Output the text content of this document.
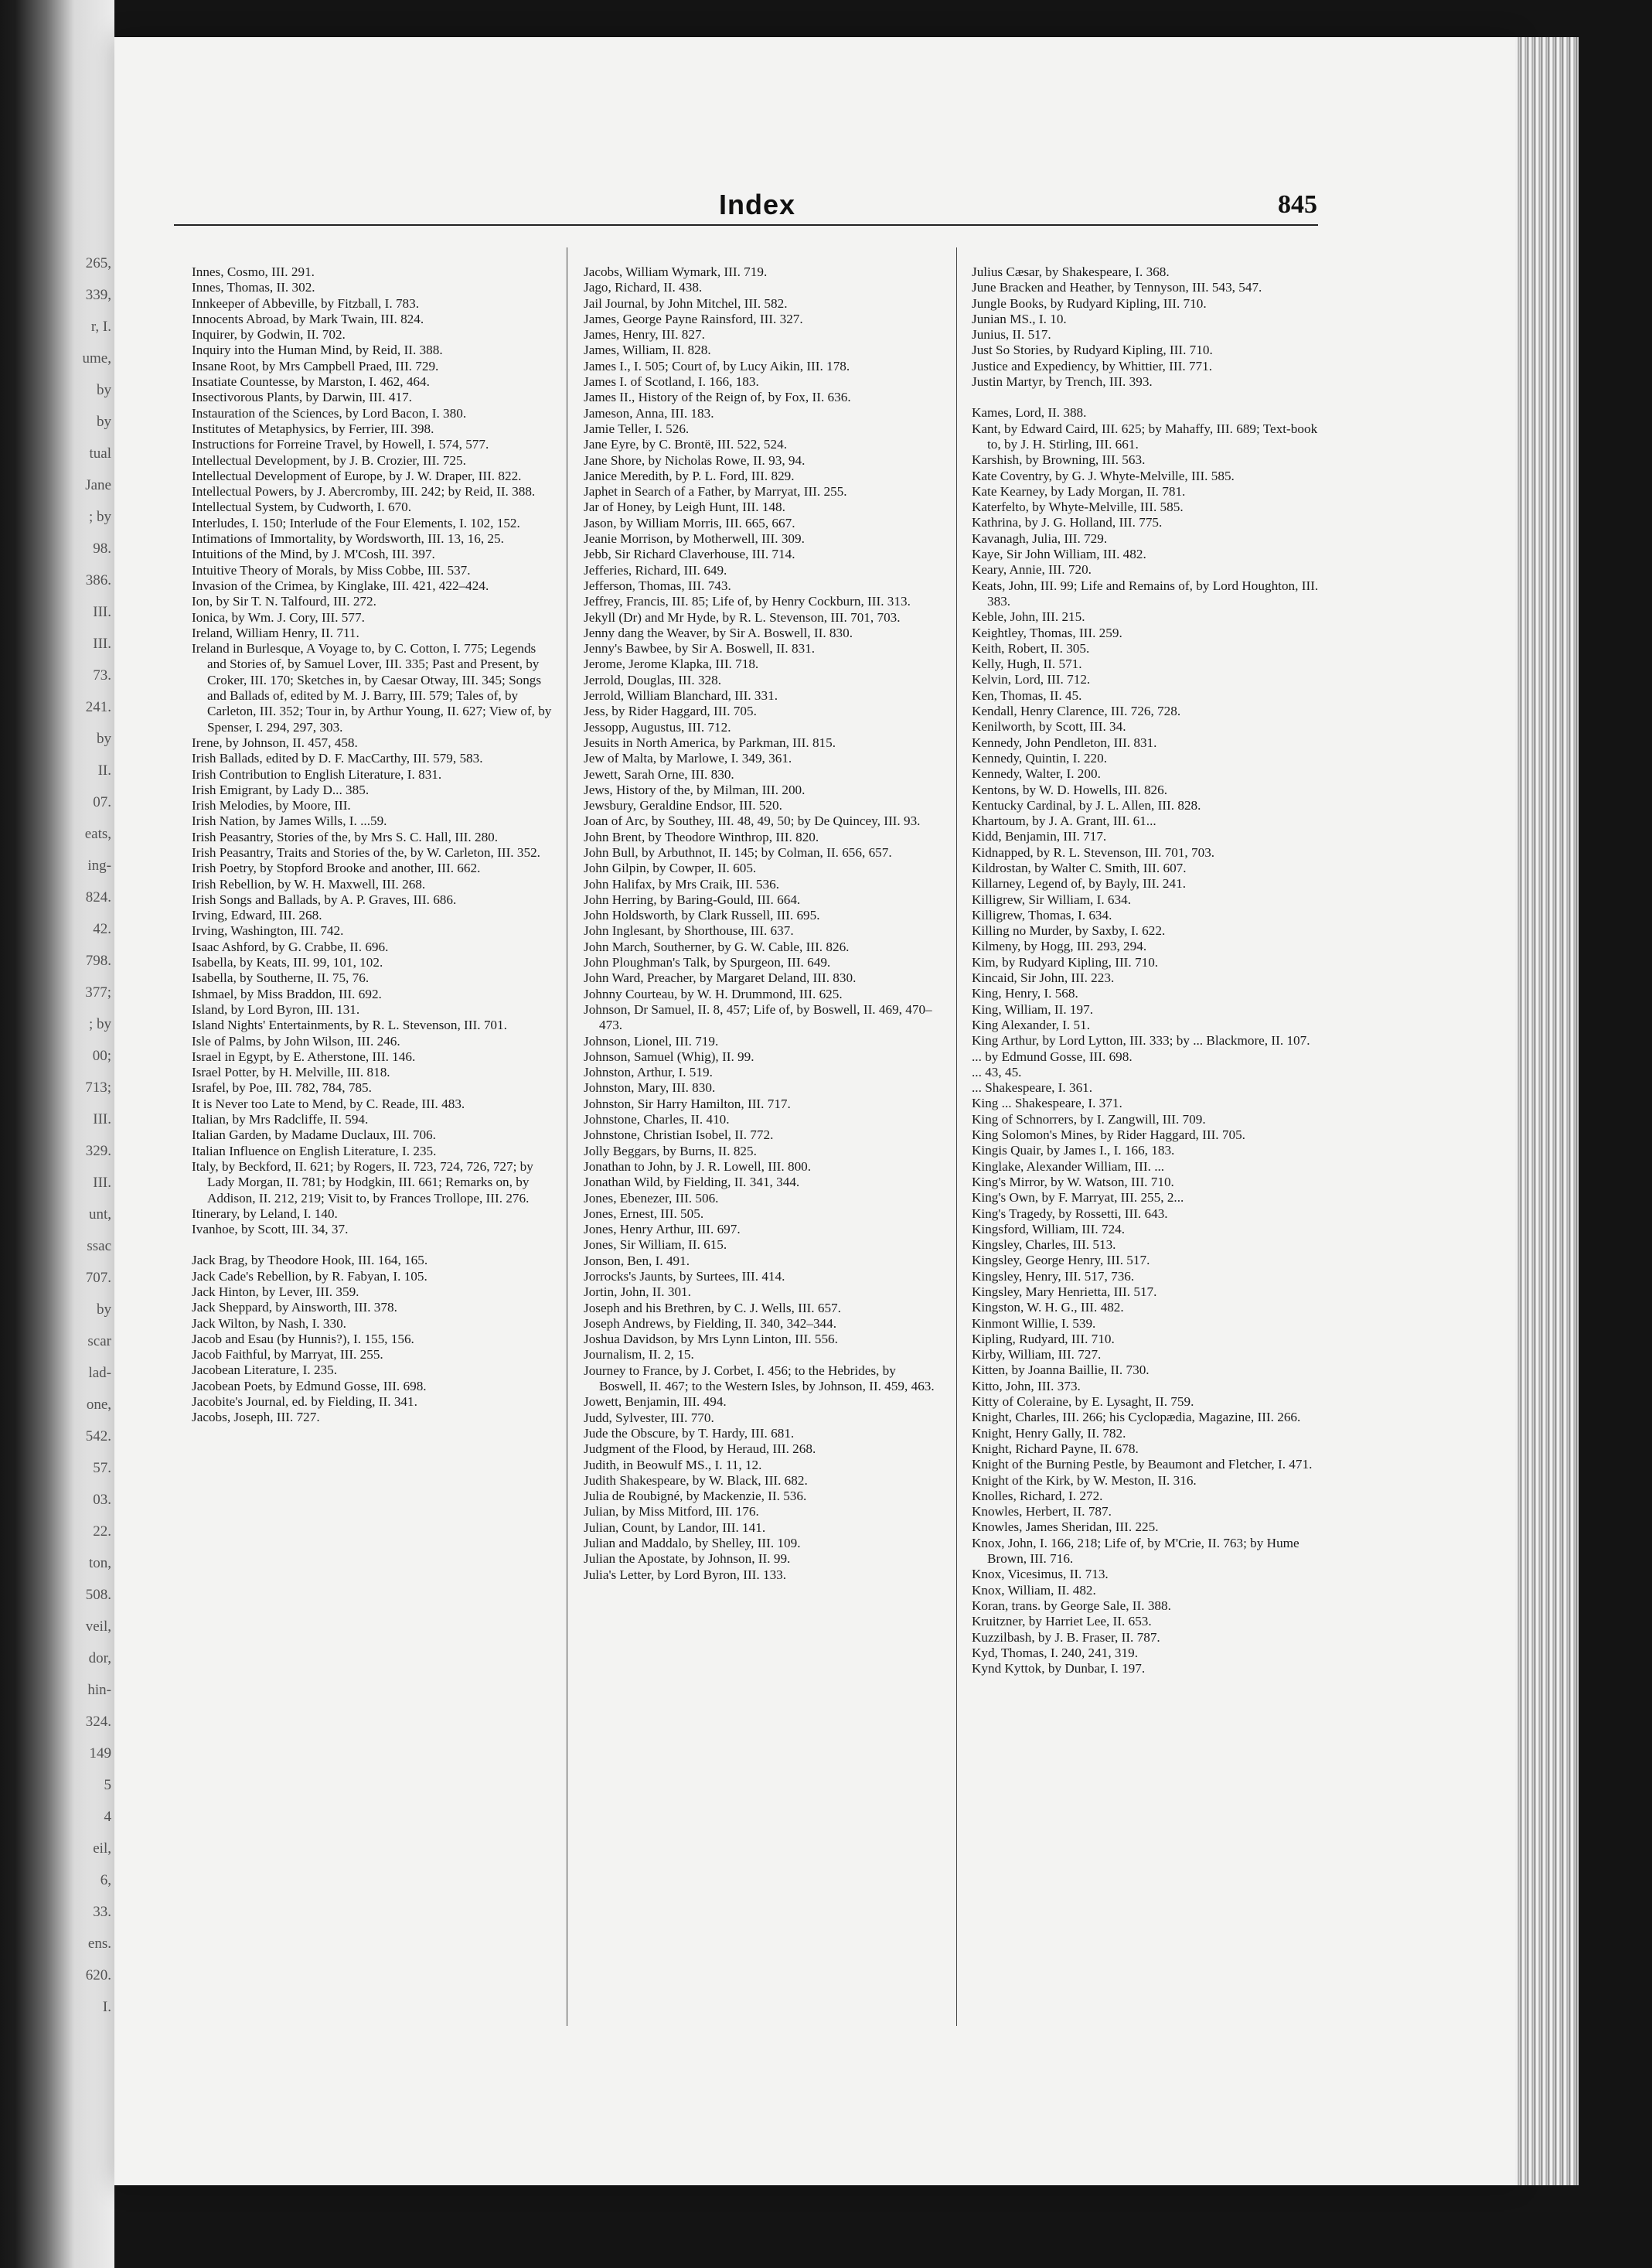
265,
339,
r, I.
ume,
by
by
tual
Jane
; by
98.
386.
III.
III.
73.
241.
by
II.
07.
eats,
ing-
824.
42.
798.
377;
; by
00;
713;
III.
329.
III.
unt,
ssac
707.
by
scar
lad-
one,
542.
57.
03.
22.
ton,
508.
veil,
dor,
hin-
324.
149
5
4
eil,
6,
33.
ens.
620.
I.
Index	845

Innes, Cosmo, III. 291.

Innes, Thomas, II. 302.

Innkeeper of Abbeville, by Fitzball, I. 783.

Innocents Abroad, by Mark Twain, III. 824.

Inquirer, by Godwin, II. 702.

Inquiry into the Human Mind, by Reid, II. 388.

Insane Root, by Mrs Campbell Praed, III. 729.

Insatiate Countesse, by Marston, I. 462, 464.

Insectivorous Plants, by Darwin, III. 417.

Instauration of the Sciences, by Lord Bacon, I. 380.

Institutes of Metaphysics, by Ferrier, III. 398.

Instructions for Forreine Travel, by Howell, I. 574, 577.

Intellectual Development, by J. B. Crozier, III. 725.

Intellectual Development of Europe, by J. W. Draper, III. 822.

Intellectual Powers, by J. Abercromby, III. 242; by Reid, II. 388.

Intellectual System, by Cudworth, I. 670.

Interludes, I. 150; Interlude of the Four Elements, I. 102, 152.

Intimations of Immortality, by Wordsworth, III. 13, 16, 25.

Intuitions of the Mind, by J. M'Cosh, III. 397.

Intuitive Theory of Morals, by Miss Cobbe, III. 537.

Invasion of the Crimea, by Kinglake, III. 421, 422–424.

Ion, by Sir T. N. Talfourd, III. 272.

Ionica, by Wm. J. Cory, III. 577.

Ireland, William Henry, II. 711.

Ireland in Burlesque, A Voyage to, by C. Cotton, I. 775; Legends and Stories of, by Samuel Lover, III. 335; Past and Present, by Croker, III. 170; Sketches in, by Caesar Otway, III. 345; Songs and Ballads of, edited by M. J. Barry, III. 579; Tales of, by Carleton, III. 352; Tour in, by Arthur Young, II. 627; View of, by Spenser, I. 294, 297, 303.

Irene, by Johnson, II. 457, 458.

Irish Ballads, edited by D. F. MacCarthy, III. 579, 583.

Irish Contribution to English Literature, I. 831.

Irish Emigrant, by Lady D... 385.

Irish Melodies, by Moore, III.

Irish Nation, by James Wills, I. ...59.

Irish Peasantry, Stories of the, by Mrs S. C. Hall, III. 280.

Irish Peasantry, Traits and Stories of the, by W. Carleton, III. 352.

Irish Poetry, by Stopford Brooke and another, III. 662.

Irish Rebellion, by W. H. Maxwell, III. 268.

Irish Songs and Ballads, by A. P. Graves, III. 686.

Irving, Edward, III. 268.

Irving, Washington, III. 742.

Isaac Ashford, by G. Crabbe, II. 696.

Isabella, by Keats, III. 99, 101, 102.

Isabella, by Southerne, II. 75, 76.

Ishmael, by Miss Braddon, III. 692.

Island, by Lord Byron, III. 131.

Island Nights' Entertainments, by R. L. Stevenson, III. 701.

Isle of Palms, by John Wilson, III. 246.

Israel in Egypt, by E. Atherstone, III. 146.

Israel Potter, by H. Melville, III. 818.

Israfel, by Poe, III. 782, 784, 785.

It is Never too Late to Mend, by C. Reade, III. 483.

Italian, by Mrs Radcliffe, II. 594.

Italian Garden, by Madame Duclaux, III. 706.

Italian Influence on English Literature, I. 235.

Italy, by Beckford, II. 621; by Rogers, II. 723, 724, 726, 727; by Lady Morgan, II. 781; by Hodgkin, III. 661; Remarks on, by Addison, II. 212, 219; Visit to, by Frances Trollope, III. 276.

Itinerary, by Leland, I. 140.

Ivanhoe, by Scott, III. 34, 37.

Jack Brag, by Theodore Hook, III. 164, 165.

Jack Cade's Rebellion, by R. Fabyan, I. 105.

Jack Hinton, by Lever, III. 359.

Jack Sheppard, by Ainsworth, III. 378.

Jack Wilton, by Nash, I. 330.

Jacob and Esau (by Hunnis?), I. 155, 156.

Jacob Faithful, by Marryat, III. 255.

Jacobean Literature, I. 235.

Jacobean Poets, by Edmund Gosse, III. 698.

Jacobite's Journal, ed. by Fielding, II. 341.

Jacobs, Joseph, III. 727.

Jacobs, William Wymark, III. 719.

Jago, Richard, II. 438.

Jail Journal, by John Mitchel, III. 582.

James, George Payne Rainsford, III. 327.

James, Henry, III. 827.

James, William, II. 828.

James I., I. 505; Court of, by Lucy Aikin, III. 178.

James I. of Scotland, I. 166, 183.

James II., History of the Reign of, by Fox, II. 636.

Jameson, Anna, III. 183.

Jamie Teller, I. 526.

Jane Eyre, by C. Brontë, III. 522, 524.

Jane Shore, by Nicholas Rowe, II. 93, 94.

Janice Meredith, by P. L. Ford, III. 829.

Japhet in Search of a Father, by Marryat, III. 255.

Jar of Honey, by Leigh Hunt, III. 148.

Jason, by William Morris, III. 665, 667.

Jeanie Morrison, by Motherwell, III. 309.

Jebb, Sir Richard Claverhouse, III. 714.

Jefferies, Richard, III. 649.

Jefferson, Thomas, III. 743.

Jeffrey, Francis, III. 85; Life of, by Henry Cockburn, III. 313.

Jekyll (Dr) and Mr Hyde, by R. L. Stevenson, III. 701, 703.

Jenny dang the Weaver, by Sir A. Boswell, II. 830.

Jenny's Bawbee, by Sir A. Boswell, II. 831.

Jerome, Jerome Klapka, III. 718.

Jerrold, Douglas, III. 328.

Jerrold, William Blanchard, III. 331.

Jess, by Rider Haggard, III. 705.

Jessopp, Augustus, III. 712.

Jesuits in North America, by Parkman, III. 815.

Jew of Malta, by Marlowe, I. 349, 361.

Jewett, Sarah Orne, III. 830.

Jews, History of the, by Milman, III. 200.

Jewsbury, Geraldine Endsor, III. 520.

Joan of Arc, by Southey, III. 48, 49, 50; by De Quincey, III. 93.

John Brent, by Theodore Winthrop, III. 820.

John Bull, by Arbuthnot, II. 145; by Colman, II. 656, 657.

John Gilpin, by Cowper, II. 605.

John Halifax, by Mrs Craik, III. 536.

John Herring, by Baring-Gould, III. 664.

John Holdsworth, by Clark Russell, III. 695.

John Inglesant, by Shorthouse, III. 637.

John March, Southerner, by G. W. Cable, III. 826.

John Ploughman's Talk, by Spurgeon, III. 649.

John Ward, Preacher, by Margaret Deland, III. 830.

Johnny Courteau, by W. H. Drummond, III. 625.

Johnson, Dr Samuel, II. 8, 457; Life of, by Boswell, II. 469, 470–473.

Johnson, Lionel, III. 719.

Johnson, Samuel (Whig), II. 99.

Johnston, Arthur, I. 519.

Johnston, Mary, III. 830.

Johnston, Sir Harry Hamilton, III. 717.

Johnstone, Charles, II. 410.

Johnstone, Christian Isobel, II. 772.

Jolly Beggars, by Burns, II. 825.

Jonathan to John, by J. R. Lowell, III. 800.

Jonathan Wild, by Fielding, II. 341, 344.

Jones, Ebenezer, III. 506.

Jones, Ernest, III. 505.

Jones, Henry Arthur, III. 697.

Jones, Sir William, II. 615.

Jonson, Ben, I. 491.

Jorrocks's Jaunts, by Surtees, III. 414.

Jortin, John, II. 301.

Joseph and his Brethren, by C. J. Wells, III. 657.

Joseph Andrews, by Fielding, II. 340, 342–344.

Joshua Davidson, by Mrs Lynn Linton, III. 556.

Journalism, II. 2, 15.

Journey to France, by J. Corbet, I. 456; to the Hebrides, by Boswell, II. 467; to the Western Isles, by Johnson, II. 459, 463.

Jowett, Benjamin, III. 494.

Judd, Sylvester, III. 770.

Jude the Obscure, by T. Hardy, III. 681.

Judgment of the Flood, by Heraud, III. 268.

Judith, in Beowulf MS., I. 11, 12.

Judith Shakespeare, by W. Black, III. 682.

Julia de Roubigné, by Mackenzie, II. 536.

Julian, by Miss Mitford, III. 176.

Julian, Count, by Landor, III. 141.

Julian and Maddalo, by Shelley, III. 109.

Julian the Apostate, by Johnson, II. 99.

Julia's Letter, by Lord Byron, III. 133.

Julius Cæsar, by Shakespeare, I. 368.

June Bracken and Heather, by Tennyson, III. 543, 547.

Jungle Books, by Rudyard Kipling, III. 710.

Junian MS., I. 10.

Junius, II. 517.

Just So Stories, by Rudyard Kipling, III. 710.

Justice and Expediency, by Whittier, III. 771.

Justin Martyr, by Trench, III. 393.

Kames, Lord, II. 388.

Kant, by Edward Caird, III. 625; by Mahaffy, III. 689; Text-book to, by J. H. Stirling, III. 661.

Karshish, by Browning, III. 563.

Kate Coventry, by G. J. Whyte-Melville, III. 585.

Kate Kearney, by Lady Morgan, II. 781.

Katerfelto, by Whyte-Melville, III. 585.

Kathrina, by J. G. Holland, III. 775.

Kavanagh, Julia, III. 729.

Kaye, Sir John William, III. 482.

Keary, Annie, III. 720.

Keats, John, III. 99; Life and Remains of, by Lord Houghton, III. 383.

Keble, John, III. 215.

Keightley, Thomas, III. 259.

Keith, Robert, II. 305.

Kelly, Hugh, II. 571.

Kelvin, Lord, III. 712.

Ken, Thomas, II. 45.

Kendall, Henry Clarence, III. 726, 728.

Kenilworth, by Scott, III. 34.

Kennedy, John Pendleton, III. 831.

Kennedy, Quintin, I. 220.

Kennedy, Walter, I. 200.

Kentons, by W. D. Howells, III. 826.

Kentucky Cardinal, by J. L. Allen, III. 828.

Khartoum, by J. A. Grant, III. 61...

Kidd, Benjamin, III. 717.

Kidnapped, by R. L. Stevenson, III. 701, 703.

Kildrostan, by Walter C. Smith, III. 607.

Killarney, Legend of, by Bayly, III. 241.

Killigrew, Sir William, I. 634.

Killigrew, Thomas, I. 634.

Killing no Murder, by Saxby, I. 622.

Kilmeny, by Hogg, III. 293, 294.

Kim, by Rudyard Kipling, III. 710.

Kincaid, Sir John, III. 223.

King, Henry, I. 568.

King, William, II. 197.

King Alexander, I. 51.

King Arthur, by Lord Lytton, III. 333; by ... Blackmore, II. 107.

... by Edmund Gosse, III. 698.

... 43, 45.

... Shakespeare, I. 361.

King ... Shakespeare, I. 371.

King of Schnorrers, by I. Zangwill, III. 709.

King Solomon's Mines, by Rider Haggard, III. 705.

Kingis Quair, by James I., I. 166, 183.

Kinglake, Alexander William, III. ...

King's Mirror, by W. Watson, III. 710.

King's Own, by F. Marryat, III. 255, 2...

King's Tragedy, by Rossetti, III. 643.

Kingsford, William, III. 724.

Kingsley, Charles, III. 513.

Kingsley, George Henry, III. 517.

Kingsley, Henry, III. 517, 736.

Kingsley, Mary Henrietta, III. 517.

Kingston, W. H. G., III. 482.

Kinmont Willie, I. 539.

Kipling, Rudyard, III. 710.

Kirby, William, III. 727.

Kitten, by Joanna Baillie, II. 730.

Kitto, John, III. 373.

Kitty of Coleraine, by E. Lysaght, II. 759.

Knight, Charles, III. 266; his Cyclopædia, Magazine, III. 266.

Knight, Henry Gally, II. 782.

Knight, Richard Payne, II. 678.

Knight of the Burning Pestle, by Beaumont and Fletcher, I. 471.

Knight of the Kirk, by W. Meston, II. 316.

Knolles, Richard, I. 272.

Knowles, Herbert, II. 787.

Knowles, James Sheridan, III. 225.

Knox, John, I. 166, 218; Life of, by M'Crie, II. 763; by Hume Brown, III. 716.

Knox, Vicesimus, II. 713.

Knox, William, II. 482.

Koran, trans. by George Sale, II. 388.

Kruitzner, by Harriet Lee, II. 653.

Kuzzilbash, by J. B. Fraser, II. 787.

Kyd, Thomas, I. 240, 241, 319.

Kynd Kyttok, by Dunbar, I. 197.
